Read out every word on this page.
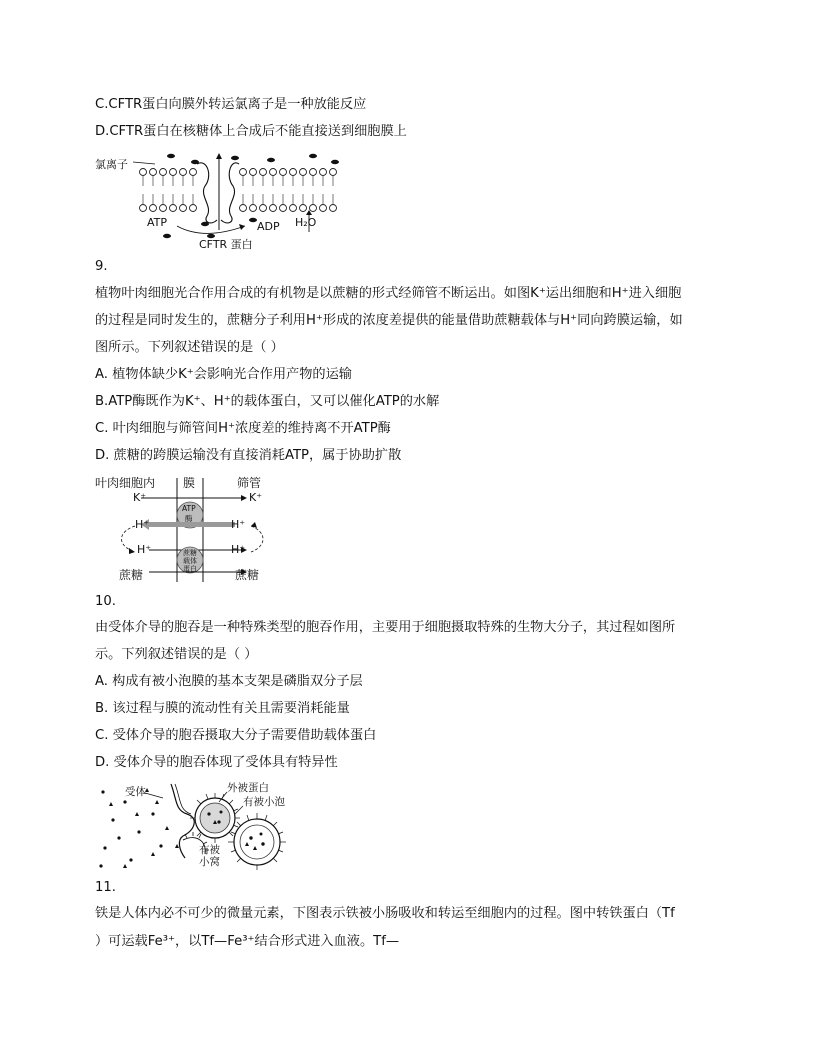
C.CFTR蛋白向膜外转运氯离子是一种放能反应
D.CFTR蛋白在核糖体上合成后不能直接送到细胞膜上
氯离子
ATP	ADP H₂O
CFTR 蛋白
9.
植物叶肉细胞光合作用合成的有机物是以蔗糖的形式经筛管不断运出。如图K⁺运出细胞和H⁺进入细胞
的过程是同时发生的，蔗糖分子利用H⁺形成的浓度差提供的能量借助蔗糖载体与H⁺同向跨膜运输，如
图所示。下列叙述错误的是（ ）
A. 植物体缺少K⁺会影响光合作用产物的运输
B.ATP酶既作为K⁺、H⁺的载体蛋白，又可以催化ATP的水解
C. 叶肉细胞与筛管间H⁺浓度差的维持离不开ATP酶
D. 蔗糖的跨膜运输没有直接消耗ATP，属于协助扩散
叶肉细胞内 膜	筛管
K⁺	K⁺
ATP
酶
H⁺	H⁺
H⁺	H⁺
蔗糖
载体
蛋白
蔗糖	蔗糖
10.
由受体介导的胞吞是一种特殊类型的胞吞作用，主要用于细胞摄取特殊的生物大分子，其过程如图所
示。下列叙述错误的是（ ）
A. 构成有被小泡膜的基本支架是磷脂双分子层
B. 该过程与膜的流动性有关且需要消耗能量
C. 受体介导的胞吞摄取大分子需要借助载体蛋白
D. 受体介导的胞吞体现了受体具有特异性
受体	外被蛋白
有被小泡
有被
小窝
11.
铁是人体内必不可少的微量元素，下图表示铁被小肠吸收和转运至细胞内的过程。图中转铁蛋白（Tf
）可运载Fe³⁺，以Tf—Fe³⁺结合形式进入血液。Tf—
